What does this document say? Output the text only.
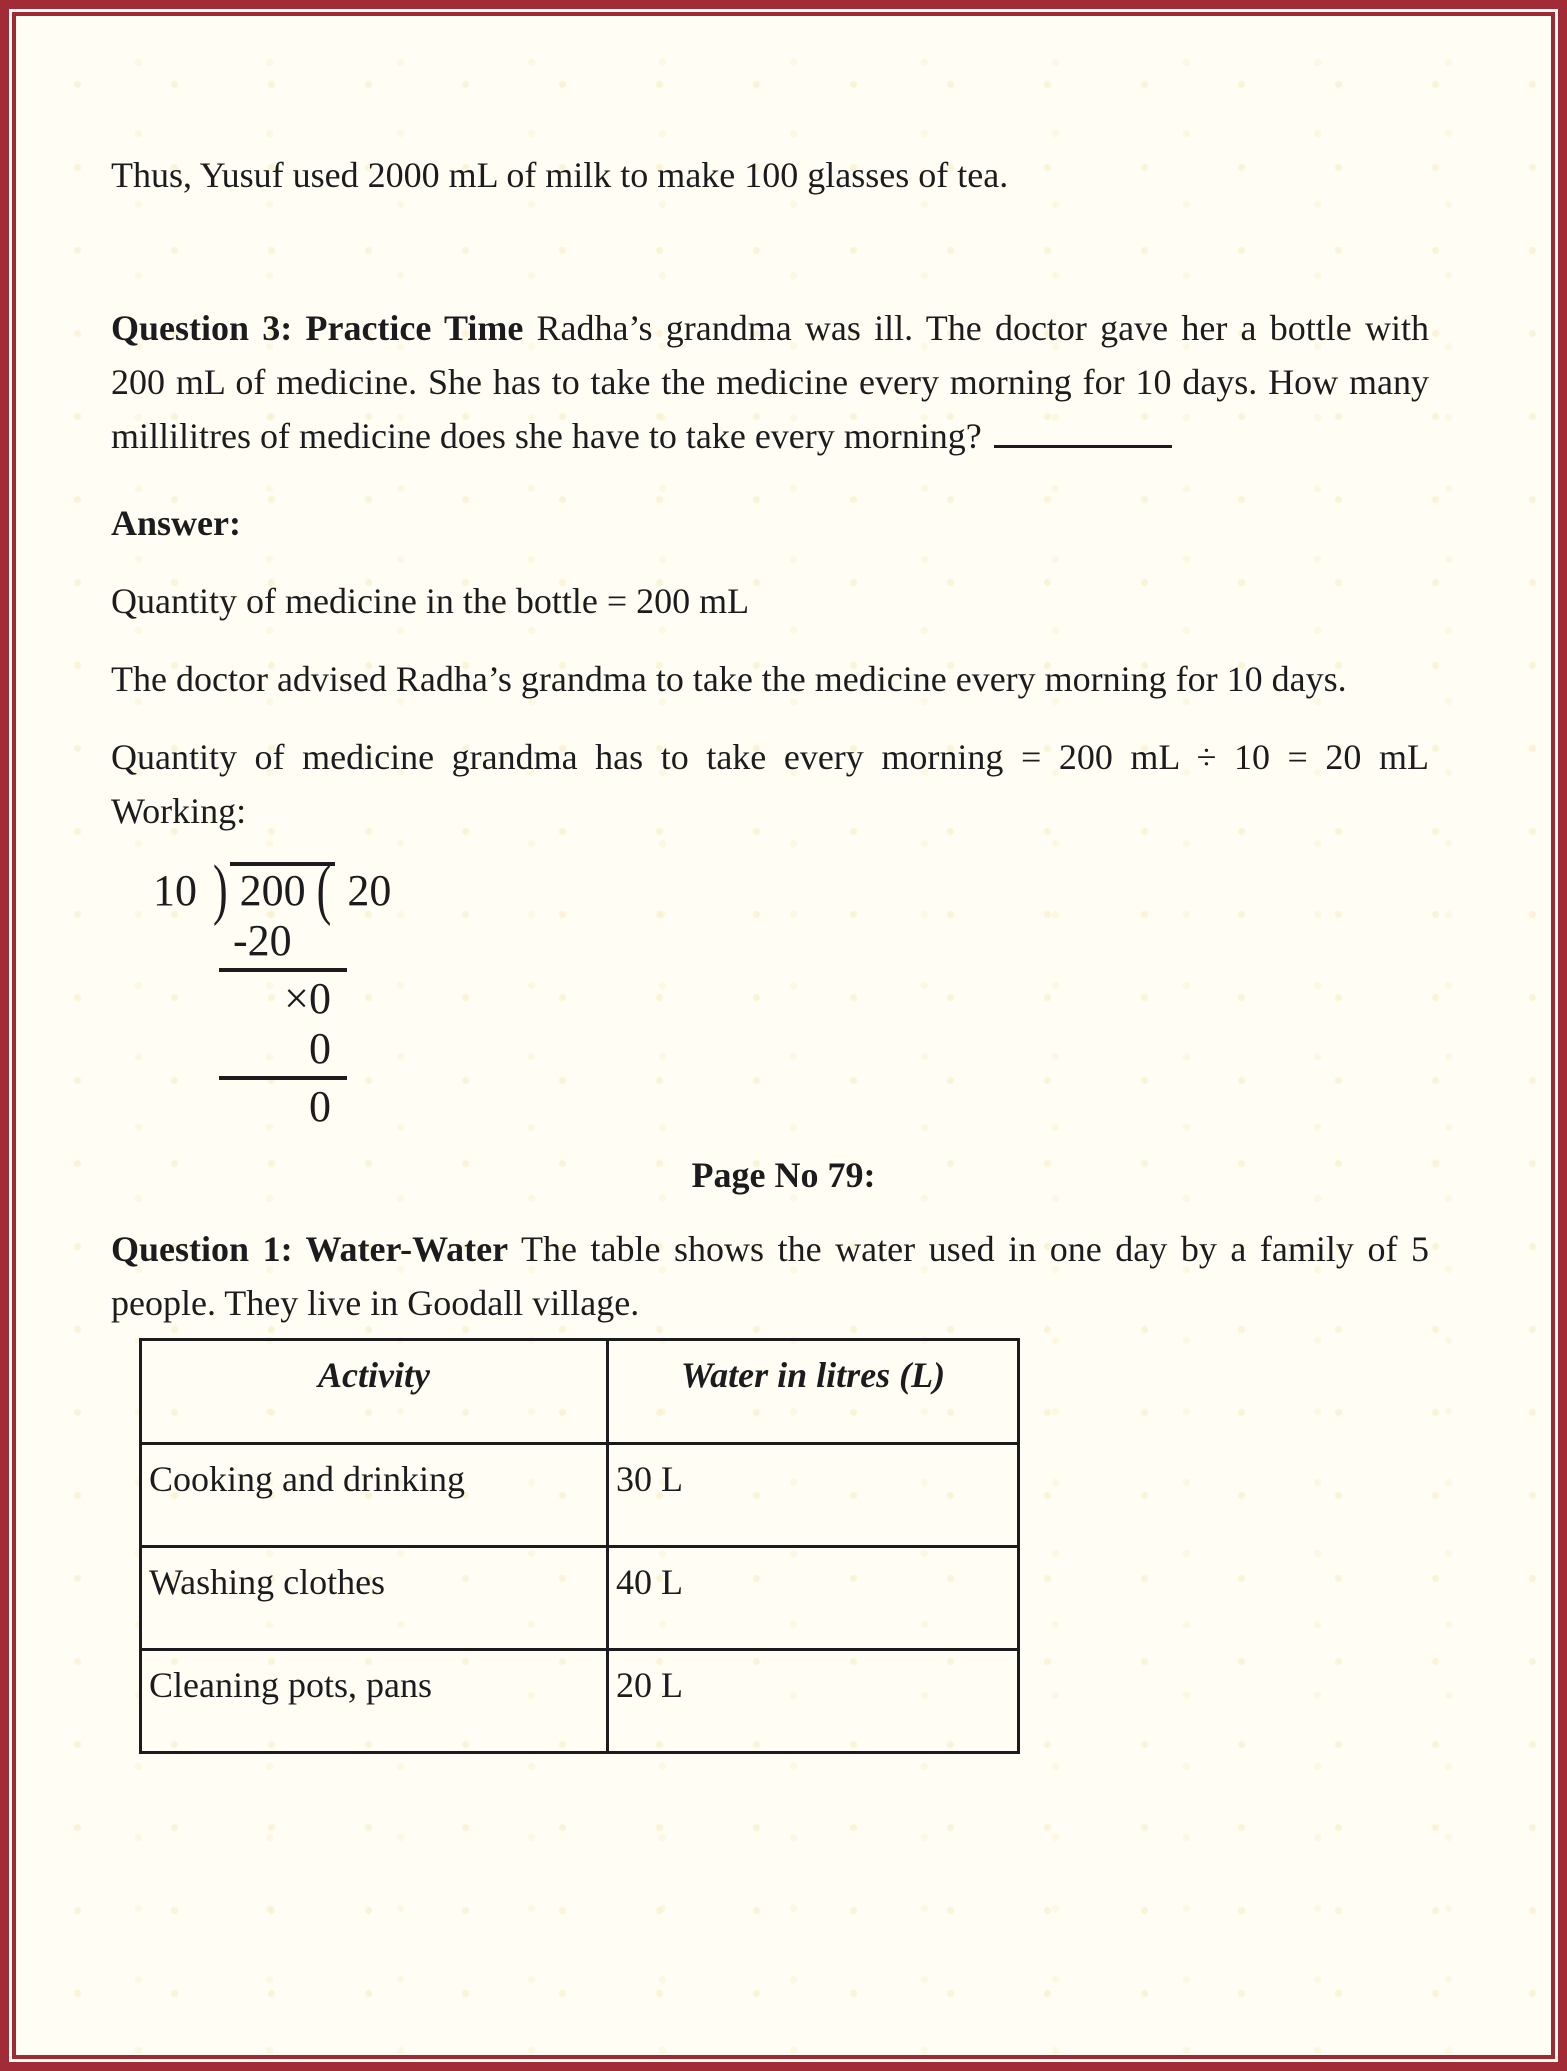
Thus, Yusuf used 2000 mL of milk to make 100 glasses of tea.

Question 3: Practice Time Radha’s grandma was ill. The doctor gave her a bottle with 200 mL of medicine. She has to take the medicine every morning for 10 days. How many millilitres of medicine does she have to take every morning?

Answer:

Quantity of medicine in the bottle = 200 mL

The doctor advised Radha’s grandma to take the medicine every morning for 10 days.

Quantity of medicine grandma has to take every morning = 200 mL ÷ 10 = 20 mL Working:

10 ) 200 ( 20
-20
×0
0
0

Page No 79:

Question 1: Water-Water The table shows the water used in one day by a family of 5 people. They live in Goodall village.

Activity	Water in litres (L)
Cooking and drinking	30 L
Washing clothes	40 L
Cleaning pots, pans	20 L
